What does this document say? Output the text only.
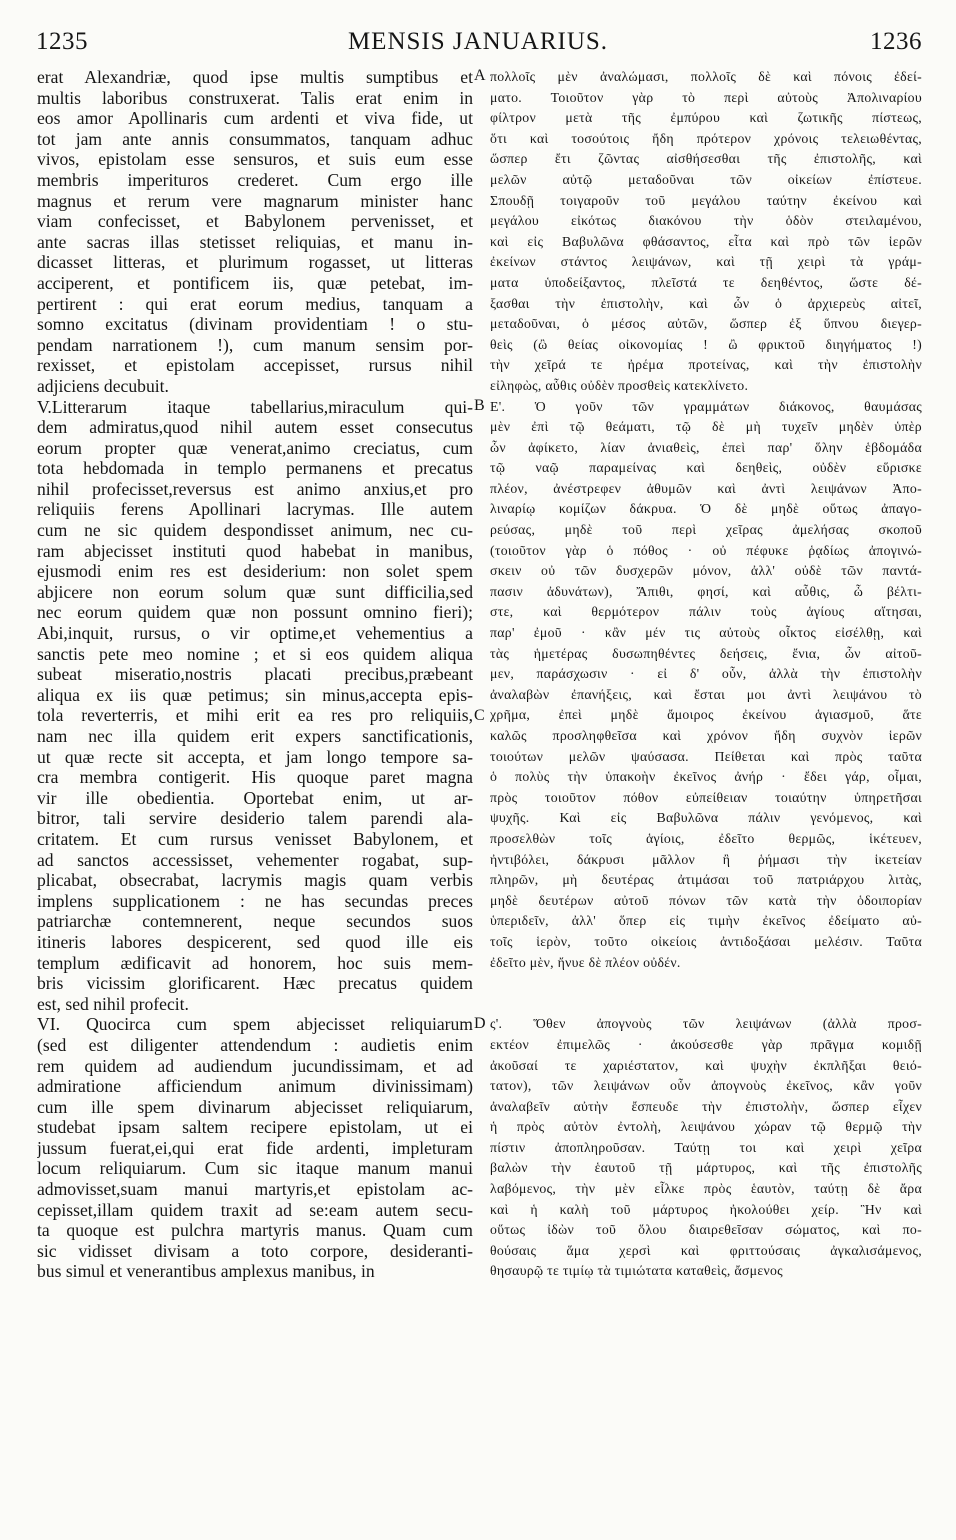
1235	MENSIS JANUARIUS.	1236
A
B
C
D
erat Alexandriæ, quod ipse multis sumptibus et
multis laboribus construxerat. Talis erat enim in
eos amor Apollinaris cum ardenti et viva fide, ut
tot jam ante annis consummatos, tanquam adhuc
vivos, epistolam esse sensuros, et suis eum esse
membris imperituros crederet. Cum ergo ille
magnus et rerum vere magnarum minister hanc
viam confecisset, et Babylonem pervenisset, et
ante sacras illas stetisset reliquias, et manu in-
dicasset litteras, et plurimum rogasset, ut litteras
acciperent, et pontificem iis, quæ petebat, im-
pertirent : qui erat eorum medius, tanquam a
somno excitatus (divinam providentiam ! o stu-
pendam narrationem !), cum manum sensim por-
rexisset, et epistolam accepisset, rursus nihil
adjiciens decubuit.
V.Litterarum itaque tabellarius,miraculum qui-
dem admiratus,quod nihil autem esset consecutus
eorum propter quæ venerat,animo creciatus, cum
tota hebdomada in templo permanens et precatus
nihil profecisset,reversus est animo anxius,et pro
reliquiis ferens Apollinari lacrymas. Ille autem
cum ne sic quidem despondisset animum, nec cu-
ram abjecisset instituti quod habebat in manibus,
ejusmodi enim res est desiderium: non solet spem
abjicere non eorum solum quæ sunt difficilia,sed
nec eorum quidem quæ non possunt omnino fieri);
Abi,inquit, rursus, o vir optime,et vehementius a
sanctis pete meo nomine ; et si eos quidem aliqua
subeat miseratio,nostris placati precibus,præbeant
aliqua ex iis quæ petimus; sin minus,accepta epis-
tola reverterris, et mihi erit ea res pro reliquiis,
nam nec illa quidem erit expers sanctificationis,
ut quæ recte sit accepta, et jam longo tempore sa-
cra membra contigerit. His quoque paret magna
vir ille obedientia. Oportebat enim, ut ar-
bitror, tali servire desiderio talem parendi ala-
critatem. Et cum rursus venisset Babylonem, et
ad sanctos accessisset, vehementer rogabat, sup-
plicabat, obsecrabat, lacrymis magis quam verbis
implens supplicationem : ne has secundas preces
patriarchæ contemnerent, neque secundos suos
itineris labores despicerent, sed quod ille eis
templum ædificavit ad honorem, hoc suis mem-
bris vicissim glorificarent. Hæc precatus quidem
est, sed nihil profecit.
VI. Quocirca cum spem abjecisset reliquiarum
(sed est diligenter attendendum : audietis enim
rem quidem ad audiendum jucundissimam, et ad
admiratione afficiendum animum divinissimam)
cum ille spem divinarum abjecisset reliquiarum,
studebat ipsam saltem recipere epistolam, ut ei
jussum fuerat,ei,qui erat fide ardenti, impleturam
locum reliquiarum. Cum sic itaque manum manui
admovisset,suam manui martyris,et epistolam ac-
cepisset,illam quidem traxit ad se:eam autem secu-
ta quoque est pulchra martyris manus. Quam cum
sic vidisset divisam a toto corpore, desideranti-
bus simul et venerantibus amplexus manibus, in
πολλοῖς μὲν ἀναλώμασι, πολλοῖς δὲ καὶ πόνοις ἐδεί-
ματο. Τοιοῦτον γὰρ τὸ περὶ αὐτοὺς Ἀπολιναρίου
φίλτρον μετὰ τῆς ἐμπύρου καὶ ζωτικῆς πίστεως,
ὅτι καὶ τοσούτοις ἤδη πρότερον χρόνοις τελειωθέντας,
ὥσπερ ἔτι ζῶντας αἰσθήσεσθαι τῆς ἐπιστολῆς, καὶ
μελῶν αὐτῷ μεταδοῦναι τῶν οἰκείων ἐπίστευε.
Σπουδῇ τοιγαροῦν τοῦ μεγάλου ταύτην ἐκείνου καὶ
μεγάλου εἰκότως διακόνου τὴν ὁδὸν στειλαμένου,
καὶ εἰς Βαβυλῶνα φθάσαντος, εἶτα καὶ πρὸ τῶν ἱερῶν
ἐκείνων στάντος λειψάνων, καὶ τῇ χειρὶ τὰ γράμ-
ματα ὑποδείξαντος, πλεῖστά τε δεηθέντος, ὥστε δέ-
ξασθαι τὴν ἐπιστολὴν, καὶ ὧν ὁ ἀρχιερεὺς αἰτεῖ,
μεταδοῦναι, ὁ μέσος αὐτῶν, ὥσπερ ἐξ ὕπνου διεγερ-
θεὶς (ὢ θείας οἰκονομίας ! ὢ φρικτοῦ διηγήματος !)
τὴν χεῖρά τε ἠρέμα προτείνας, καὶ τὴν ἐπιστολὴν
εἰληφὼς, αὖθις οὐδὲν προσθεὶς κατεκλίνετο.
Ε'. Ὁ γοῦν τῶν γραμμάτων διάκονος, θαυμάσας
μὲν ἐπὶ τῷ θεάματι, τῷ δὲ μὴ τυχεῖν μηδὲν ὑπὲρ
ὧν ἀφίκετο, λίαν ἀνιαθεὶς, ἐπεὶ παρ' ὅλην ἑβδομάδα
τῷ ναῷ παραμείνας καὶ δεηθεὶς, οὐδὲν εὕρισκε
πλέον, ἀνέστρεφεν ἀθυμῶν καὶ ἀντὶ λειψάνων Ἀπο-
λιναρίῳ κομίζων δάκρυα. Ὁ δὲ μηδὲ οὕτως ἀπαγο-
ρεύσας, μηδὲ τοῦ περὶ χεῖρας ἀμελήσας σκοποῦ
(τοιοῦτον γὰρ ὁ πόθος · οὐ πέφυκε ῥᾳδίως ἀπογινώ-
σκειν οὐ τῶν δυσχερῶν μόνον, ἀλλ' οὐδὲ τῶν παντά-
πασιν ἀδυνάτων), Ἄπιθι, φησί, καὶ αὖθις, ὦ βέλτι-
στε, καὶ θερμότερον πάλιν τοὺς ἁγίους αἴτησαι,
παρ' ἐμοῦ · κἂν μέν τις αὐτοὺς οἶκτος εἰσέλθῃ, καὶ
τὰς ἡμετέρας δυσωπηθέντες δεήσεις, ἔνια, ὧν αἰτοῦ-
μεν, παράσχωσιν · εἰ δ' οὖν, ἀλλὰ τὴν ἐπιστολὴν
ἀναλαβὼν ἐπανήξεις, καὶ ἔσται μοι ἀντὶ λειψάνου τὸ
χρῆμα, ἐπεὶ μηδὲ ἄμοιρος ἐκείνου ἁγιασμοῦ, ἅτε
καλῶς προσληφθεῖσα καὶ χρόνον ἤδη συχνὸν ἱερῶν
τοιούτων μελῶν ψαύσασα. Πείθεται καὶ πρὸς ταῦτα
ὁ πολὺς τὴν ὑπακοὴν ἐκεῖνος ἀνήρ · ἔδει γάρ, οἶμαι,
πρὸς τοιοῦτον πόθον εὐπείθειαν τοιαύτην ὑπηρετῆσαι
ψυχῆς. Καὶ εἰς Βαβυλῶνα πάλιν γενόμενος, καὶ
προσελθὼν τοῖς ἁγίοις, ἐδεῖτο θερμῶς, ἱκέτευεν,
ἠντιβόλει, δάκρυσι μᾶλλον ἢ ῥήμασι τὴν ἱκετείαν
πληρῶν, μὴ δευτέρας ἀτιμάσαι τοῦ πατριάρχου λιτὰς,
μηδὲ δευτέρων αὐτοῦ πόνων τῶν κατὰ τὴν ὁδοιπορίαν
ὑπεριδεῖν, ἀλλ' ὅπερ εἰς τιμὴν ἐκεῖνος ἐδείματο αὐ-
τοῖς ἱερὸν, τοῦτο οἰκείοις ἀντιδοξάσαι μελέσιν. Ταῦτα
ἐδεῖτο μὲν, ἤνυε δὲ πλέον οὐδέν.
ς'. Ὅθεν ἀπογνοὺς τῶν λειψάνων (ἀλλὰ προσ-
εκτέον ἐπιμελῶς · ἀκούσεσθε γὰρ πρᾶγμα κομιδῇ
ἀκοῦσαί τε χαριέστατον, καὶ ψυχὴν ἐκπλῆξαι θειό-
τατον), τῶν λειψάνων οὖν ἀπογνοὺς ἐκεῖνος, κἂν γοῦν
ἀναλαβεῖν αὐτὴν ἔσπευδε τὴν ἐπιστολὴν, ὥσπερ εἶχεν
ἡ πρὸς αὐτὸν ἐντολὴ, λειψάνου χώραν τῷ θερμῷ τὴν
πίστιν ἀποπληροῦσαν. Ταύτῃ τοι καὶ χειρὶ χεῖρα
βαλὼν τὴν ἑαυτοῦ τῇ μάρτυρος, καὶ τῆς ἐπιστολῆς
λαβόμενος, τὴν μὲν εἷλκε πρὸς ἑαυτὸν, ταύτῃ δὲ ἄρα
καὶ ἡ καλὴ τοῦ μάρτυρος ἠκολούθει χείρ. Ἣν καὶ
οὕτως ἰδὼν τοῦ ὅλου διαιρεθεῖσαν σώματος, καὶ πο-
θούσαις ἅμα χερσὶ καὶ φριττούσαις ἀγκαλισάμενος,
θησαυρῷ τε τιμίῳ τὰ τιμιώτατα καταθεὶς, ἄσμενος
